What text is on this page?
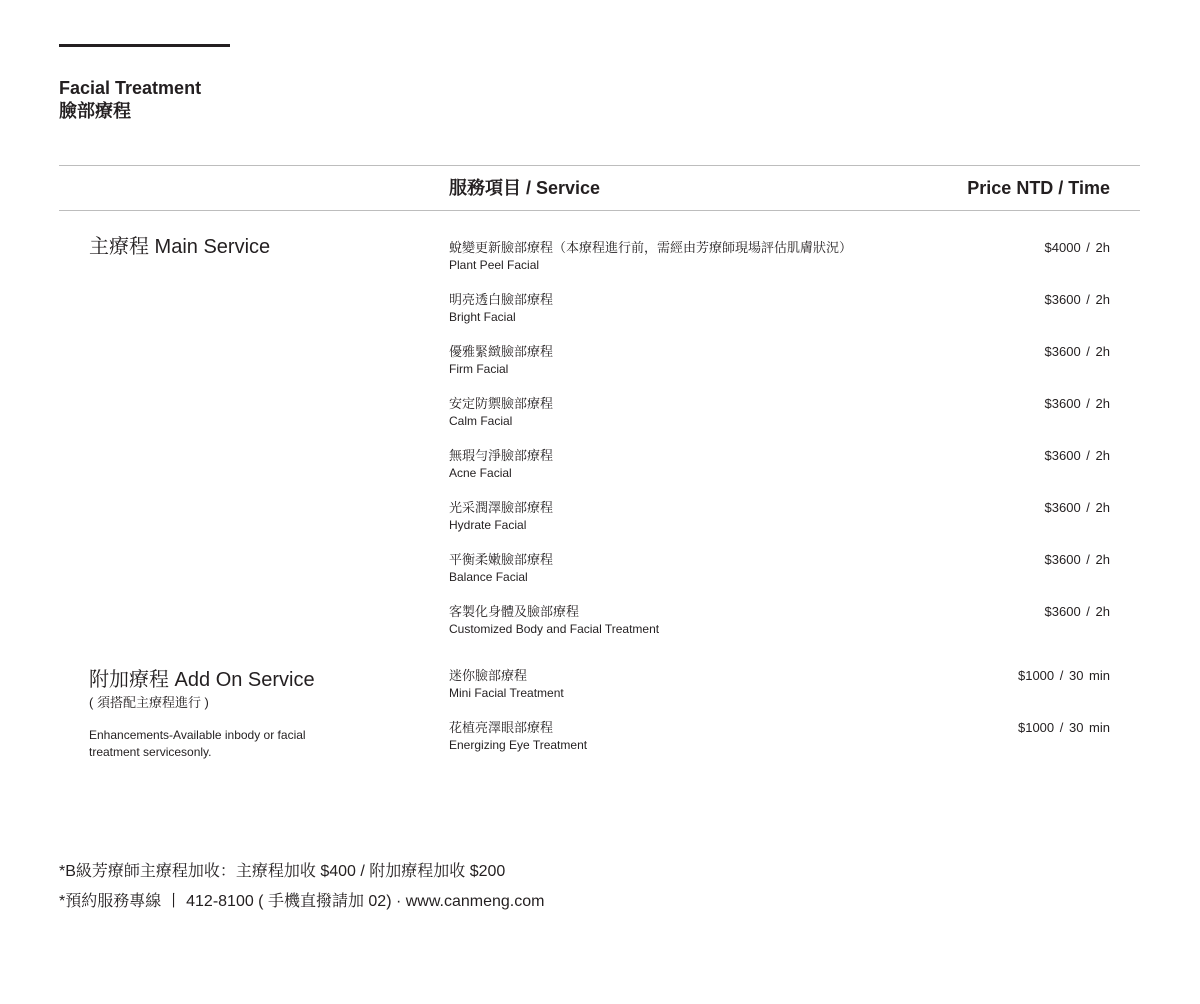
Facial Treatment
臉部療程
服務項目 / Service	Price NTD / Time
主療程 Main Service	蛻變更新臉部療程（本療程進行前，需經由芳療師現場評估肌膚狀況）
Plant Peel Facial
$4000 / 2h
明亮透白臉部療程
Bright Facial
$3600 / 2h
優雅緊緻臉部療程
Firm Facial
$3600 / 2h
安定防禦臉部療程
Calm Facial
$3600 / 2h
無瑕勻淨臉部療程
Acne Facial
$3600 / 2h
光采潤澤臉部療程
Hydrate Facial
$3600 / 2h
平衡柔嫩臉部療程
Balance Facial
$3600 / 2h
客製化身體及臉部療程
Customized Body and Facial Treatment
$3600 / 2h
附加療程 Add On Service
( 須搭配主療程進行 )
Enhancements-Available inbody or facial treatment servicesonly.
迷你臉部療程
Mini Facial Treatment
$1000 / 30 min
花植亮澤眼部療程
Energizing Eye Treatment
$1000 / 30 min
*B級芳療師主療程加收：主療程加收 $400 / 附加療程加收 $200
*預約服務專線 丨 412-8100 ( 手機直撥請加 02) · www.canmeng.com
